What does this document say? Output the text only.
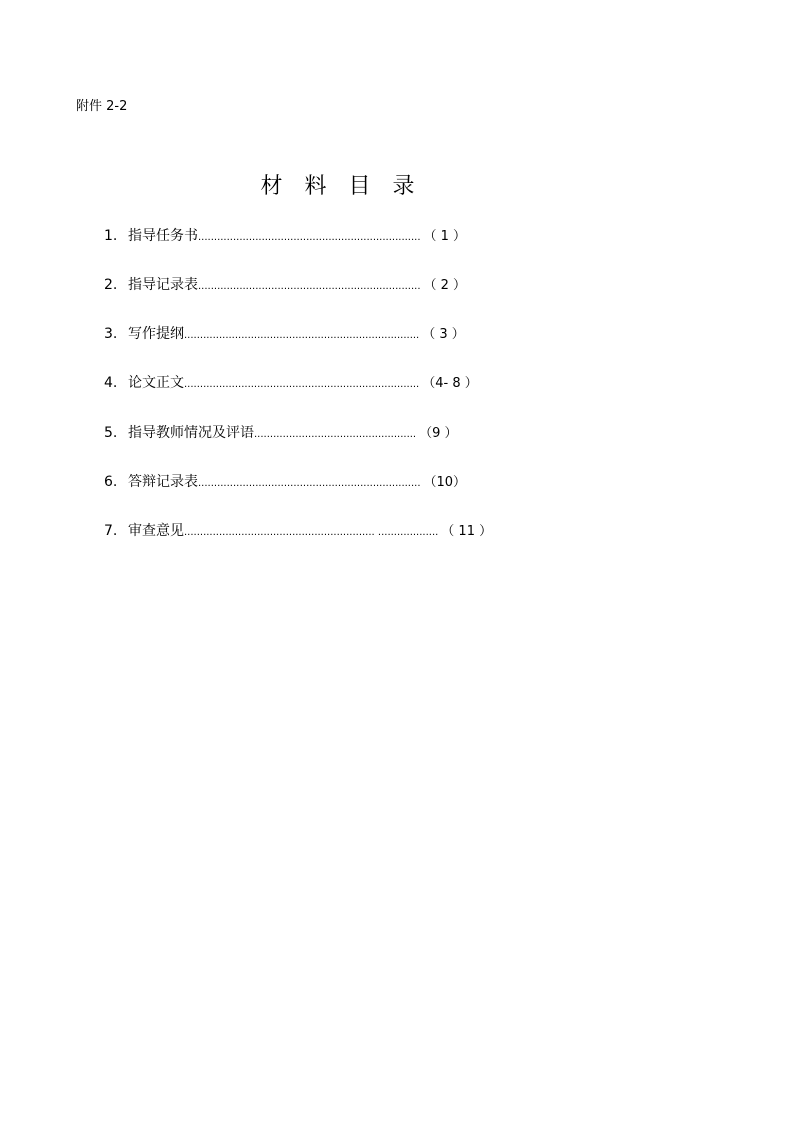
附件 2-2
材料目录
1. 指导任务书...................................................................... （ 1 ）
2. 指导记录表...................................................................... （ 2 ）
3. 写作提纲.......................................................................... （ 3 ）
4. 论文正文.......................................................................... （4- 8 ）
5. 指导教师情况及评语................................................... （9 ）
6. 答辩记录表...................................................................... （10）
7. 审查意见............................................................ ................... （ 11 ）
